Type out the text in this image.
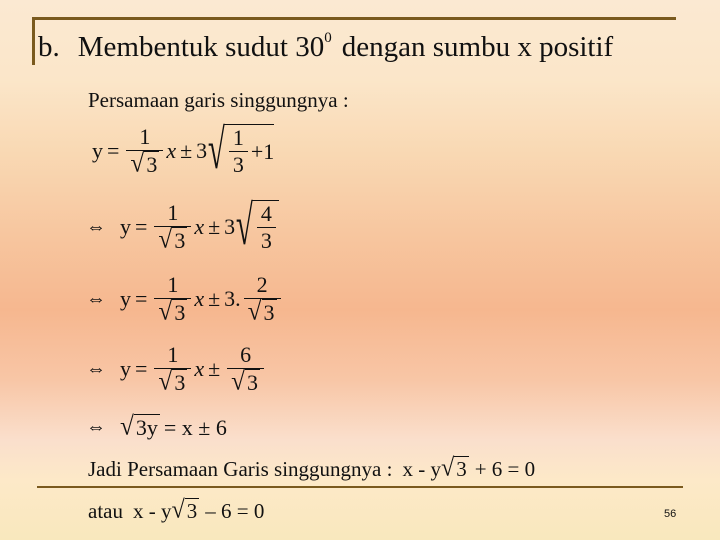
b. Membentuk sudut $30^0$ dengan sumbu x positif
Persamaan garis singgungnya :
$y = \frac{1}{√ 3}$ x ± 3 √ $\frac{1}{3} +1$
⇔ $y = \frac{1}{√ 3}$ x ± 3 √ $\frac{4}{3}$
⇔ $y = \frac{1}{√ 3}$ x ± 3. $\frac{2}{√ 3}$
⇔ $y = \frac{1}{√ 3}$ $x \pm \frac{6}{√ 3}$
⇔ √ 3y = x ± 6
Jadi Persamaan Garis singgungnya : x - y √ 3 + 6 = 0
atau x - y √ 3 – 6 = 0	56
